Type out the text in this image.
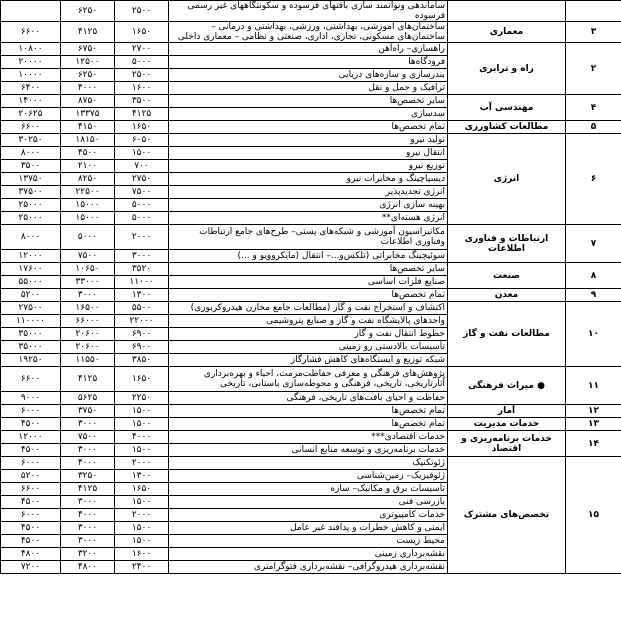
	۶۲۵۰	۲۵۰۰	ساماندهی ونوانمند سازی بافتهای فرسوده و سکونتگاههای غیر رسمی فرسوده		
۶۶۰۰	۴۱۲۵	۱۶۵۰	ساختمان‌های آموزشی، بهداشتی، ورزشی، بهداشتی و درمانی – ساختمان‌های مسکونی، تجاری، اداری، صنعتی و نظامی – معماری داخلی	معماری	۳
۱۰۸۰۰	۶۷۵۰	۲۷۰۰	راهسازی– راه‌آهن	راه و ترابری	۲
۲۰۰۰۰	۱۲۵۰۰	۵۰۰۰	فرودگاه‌ها		
۱۰۰۰۰	۶۲۵۰	۲۵۰۰	بندرسازی و سازه‌های دریایی		
۶۴۰۰	۴۰۰۰	۱۶۰۰	ترافیک و حمل و نقل		
۱۴۰۰۰	۸۷۵۰	۳۵۰۰	سایر تخصص‌ها	مهندسی آب	۴
۲۰۶۲۵	۱۳۳۷۵	۴۱۲۵	سدسازی		
۶۶۰۰	۴۱۵۰	۱۶۵۰	تمام تخصص‌ها	مطالعات کشاورزی	۵
۳۰۲۵۰	۱۸۱۵۰	۶۰۵۰	تولید نیرو	انرژی	۶
۸۰۰۰	۴۵۰۰	۱۵۰۰	انتقال نیرو		
۳۵۰۰	۲۱۰۰	۷۰۰	توزیع نیرو		
۱۳۷۵۰	۸۲۵۰	۲۷۵۰	دیسپاچینگ و مخابرات نیرو		
۳۷۵۰۰	۲۲۵۰۰	۷۵۰۰	انرژی تجدیدپذیر		
۲۵۰۰۰	۱۵۰۰۰	۵۰۰۰	بهینه سازی انرژی		
۲۵۰۰۰	۱۵۰۰۰	۵۰۰۰	انرژی هسته‌ای**		
۸۰۰۰	۵۰۰۰	۲۰۰۰	مکانیزاسیون آموزشی و شبکه‌های پستی– طرح‌های جامع ارتباطات وفناوری اطلاعات	ارتباطات و فناوری اطلاعات	۷
۱۲۰۰۰	۷۵۰۰	۳۰۰۰	سوئیچینگ مخابراتی (تلکس‌و...– انتقال (مایکروویو و ...)		
۱۷۶۰۰	۱۰۶۵۰	۳۵۲۰	سایر تخصص‌ها	صنعت	۸
۵۵۰۰۰	۳۳۰۰۰	۱۱۰۰۰	صنایع فلزات اساسی		
۵۲۰۰	۳۰۰۰	۱۳۰۰	تمام تخصص‌ها	معدن	۹
۲۷۵۰۰	۱۶۵۰۰	۵۵۰۰	اکتشاف و استخراج نفت و گاز (مطالعات جامع مخازن هیدروکربوری)	مطالعات نفت و گاز	۱۰
۱۱۰۰۰۰	۶۶۰۰۰	۲۲۰۰۰	واحدهای پالایشگاه نفت و گاز و صنایع پتروشیمی		
۳۵۰۰۰	۲۰۶۰۰	۶۹۰۰	خطوط انتقال نفت و گاز		
۳۵۰۰۰	۲۰۶۰۰	۶۹۰۰	تأسیسات بالادستی رو زمینی		
۱۹۲۵۰	۱۱۵۵۰	۳۸۵۰	شبکه توزیع و ایستگاه‌های کاهش فشارگاز		
۶۶۰۰	۴۱۲۵	۱۶۵۰	پژوهش‌های فرهنگی و معرفی حفاظت‌مرمت، احیاء و بهره‌برداری آثارتاریخی، تاریخی، فرهنگی و محوطه‌سازی باستانی، تاریخی	● میراث فرهنگی	۱۱
۹۰۰۰	۵۶۲۵	۲۲۵۰	حفاظت و احیای بافت‌های تاریخی، فرهنگی		
۶۰۰۰	۳۷۵۰	۱۵۰۰	تمام تخصص‌ها	آمار	۱۲
۴۵۰۰	۳۰۰۰	۱۵۰۰	تمام تخصص‌ها	خدمات مدیریت	۱۳
۱۲۰۰۰	۷۵۰۰	۴۰۰۰	خدمات اقتصادی***	خدمات برنامه‌ریزی و اقتصاد	۱۴
۴۵۰۰	۳۰۰۰	۱۵۰۰	خدمات برنامه‌ریزی و توسعه منابع انسانی		
۶۰۰۰	۴۰۰۰	۲۰۰۰	ژئوتکنیک	تخصص‌های مشترک	۱۵
۵۲۰۰	۳۲۵۰	۱۳۰۰	ژئوفیزیک– زمین‌شناسی		
۶۶۰۰	۴۱۲۵	۱۶۵۰	تأسیسات برق و مکانیک– سازه		
۴۵۰۰	۳۰۰۰	۱۵۰۰	بازرسی فنی		
۶۰۰۰	۴۰۰۰	۲۰۰۰	خدمات کامپیوتری		
۴۵۰۰	۳۰۰۰	۱۵۰۰	ایمنی و کاهش خطرات و پدافند غیر عامل		
۴۵۰۰	۳۰۰۰	۱۵۰۰	محیط زیست		
۴۸۰۰	۳۲۰۰	۱۶۰۰	نقشه‌برداری زمینی		
۷۲۰۰	۴۸۰۰	۲۴۰۰	نقشه‌برداری هیدروگرافی– نقشه‌برداری فتوگرامتری		
